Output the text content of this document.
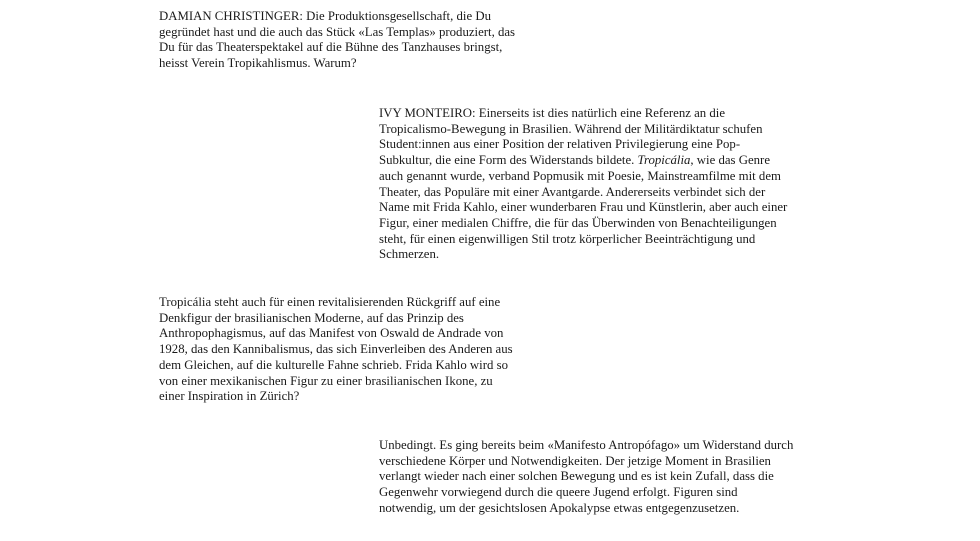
DAMIAN CHRISTINGER: Die Produktionsgesellschaft, die Du
gegründet hast und die auch das Stück «Las Templas» produziert, das
Du für das Theaterspektakel auf die Bühne des Tanzhauses bringst,
heisst Verein Tropikahlismus. Warum?

IVY MONTEIRO: Einerseits ist dies natürlich eine Referenz an die
Tropicalismo-Bewegung in Brasilien. Während der Militärdiktatur schufen
Student:innen aus einer Position der relativen Privilegierung eine Pop-
Subkultur, die eine Form des Widerstands bildete. Tropicália, wie das Genre
auch genannt wurde, verband Popmusik mit Poesie, Mainstreamfilme mit dem
Theater, das Populäre mit einer Avantgarde. Andererseits verbindet sich der
Name mit Frida Kahlo, einer wunderbaren Frau und Künstlerin, aber auch einer
Figur, einer medialen Chiffre, die für das Überwinden von Benachteiligungen
steht, für einen eigenwilligen Stil trotz körperlicher Beeinträchtigung und
Schmerzen.

Tropicália steht auch für einen revitalisierenden Rückgriff auf eine
Denkfigur der brasilianischen Moderne, auf das Prinzip des
Anthropophagismus, auf das Manifest von Oswald de Andrade von
1928, das den Kannibalismus, das sich Einverleiben des Anderen aus
dem Gleichen, auf die kulturelle Fahne schrieb. Frida Kahlo wird so
von einer mexikanischen Figur zu einer brasilianischen Ikone, zu
einer Inspiration in Zürich?

Unbedingt. Es ging bereits beim «Manifesto Antropófago» um Widerstand durch
verschiedene Körper und Notwendigkeiten. Der jetzige Moment in Brasilien
verlangt wieder nach einer solchen Bewegung und es ist kein Zufall, dass die
Gegenwehr vorwiegend durch die queere Jugend erfolgt. Figuren sind
notwendig, um der gesichtslosen Apokalypse etwas entgegenzusetzen.
